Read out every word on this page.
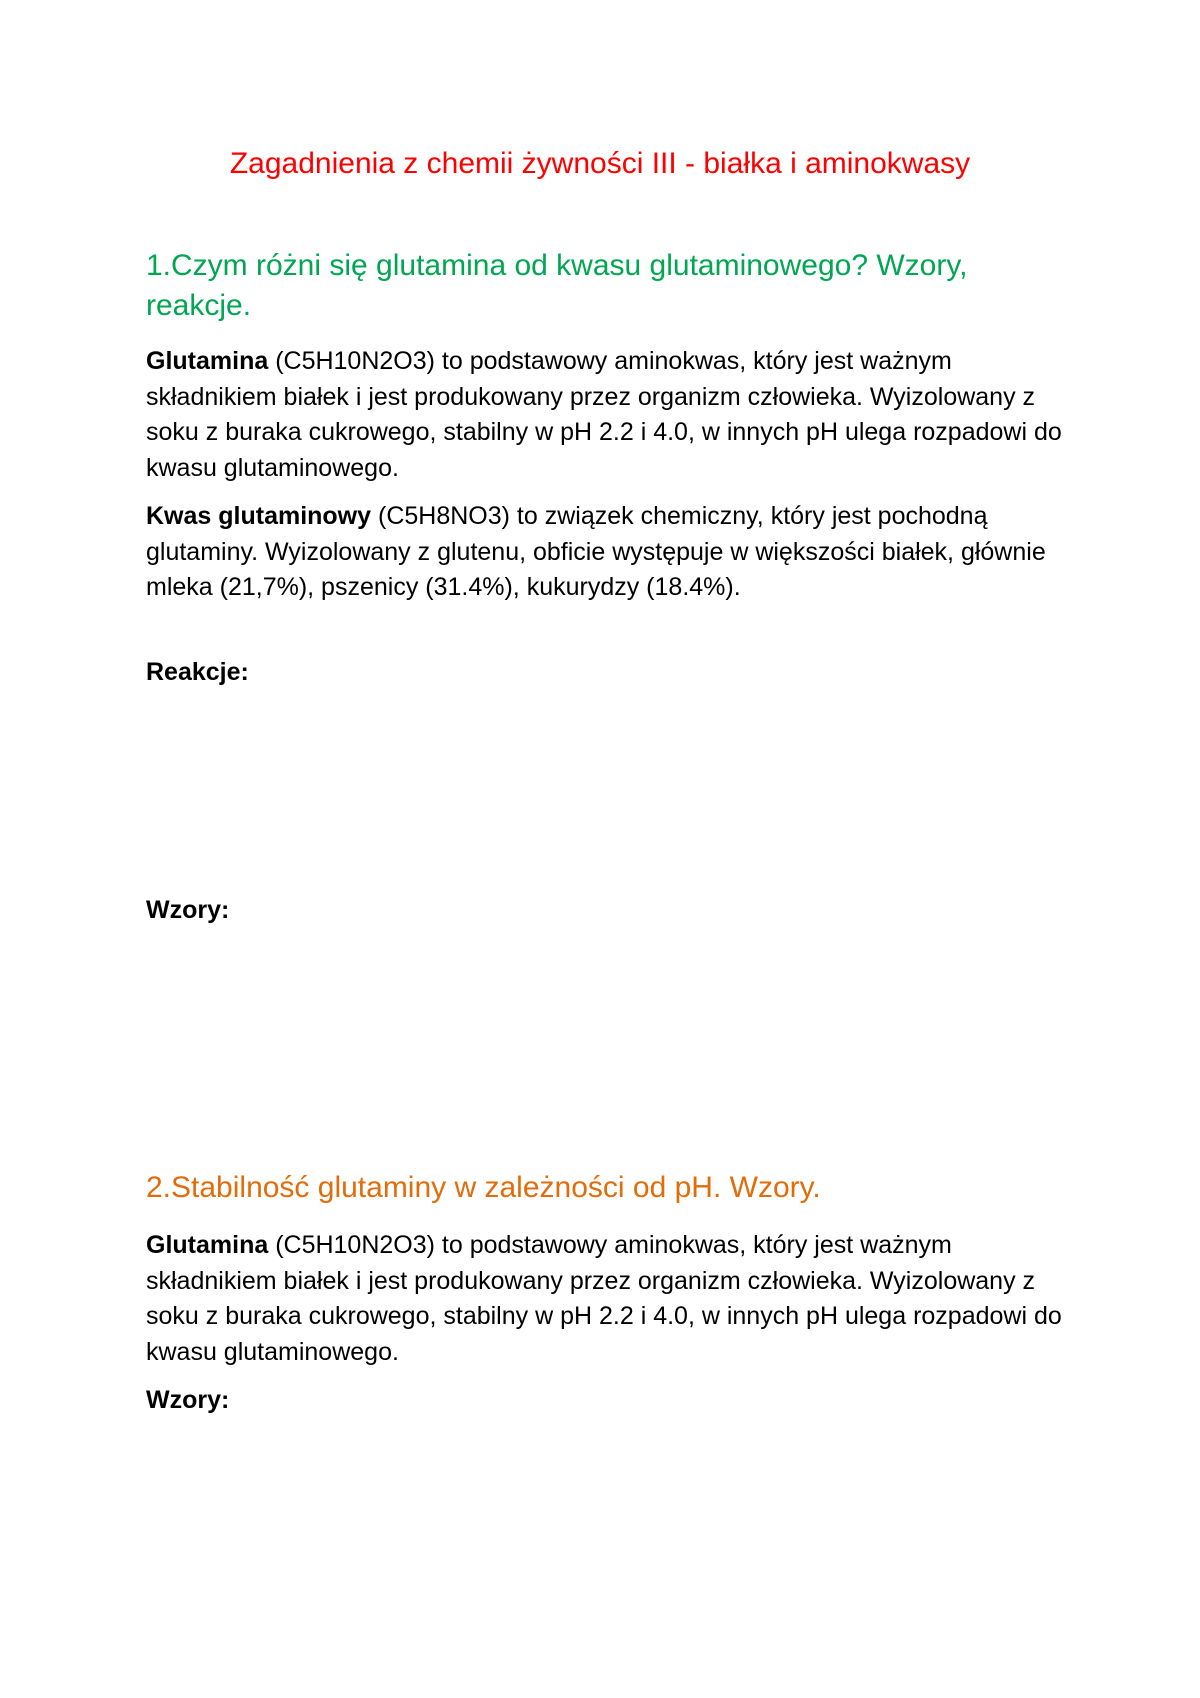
Zagadnienia z chemii żywności III - białka i aminokwasy
1.Czym różni się glutamina od kwasu glutaminowego? Wzory,
reakcje.

Glutamina (C5H10N2O3) to podstawowy aminokwas, który jest ważnym składnikiem białek i jest produkowany przez organizm człowieka. Wyizolowany z soku z buraka cukrowego, stabilny w pH 2.2 i 4.0, w innych pH ulega rozpadowi do kwasu glutaminowego.

Kwas glutaminowy (C5H8NO3) to związek chemiczny, który jest pochodną glutaminy. Wyizolowany z glutenu, obficie występuje w większości białek, głównie mleka (21,7%), pszenicy (31.4%), kukurydzy (18.4%).

Reakcje:

Wzory:

2.Stabilność glutaminy w zależności od pH. Wzory.

Glutamina (C5H10N2O3) to podstawowy aminokwas, który jest ważnym składnikiem białek i jest produkowany przez organizm człowieka. Wyizolowany z soku z buraka cukrowego, stabilny w pH 2.2 i 4.0, w innych pH ulega rozpadowi do kwasu glutaminowego.

Wzory:
